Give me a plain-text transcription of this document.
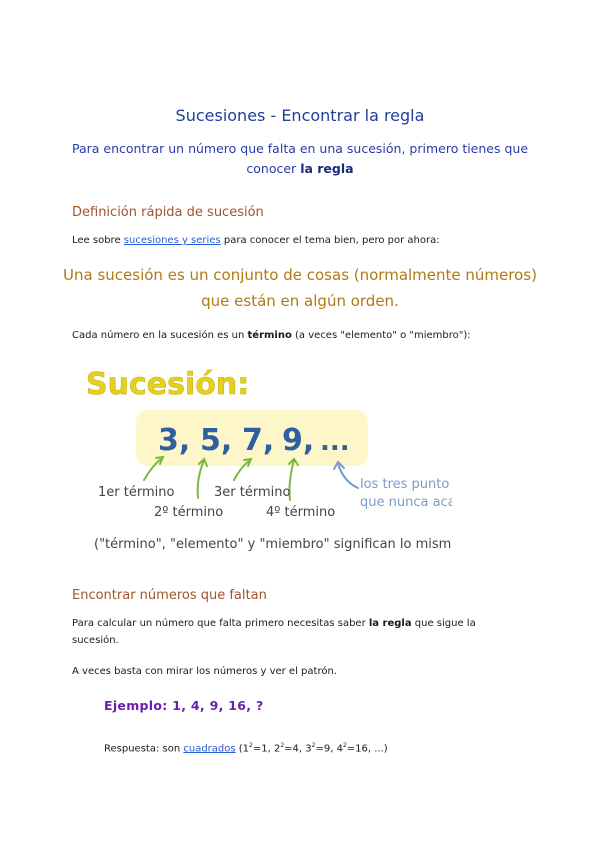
Sucesiones - Encontrar la regla
Para encontrar un número que falta en una sucesión, primero tienes que conocer la regla
Definición rápida de sucesión
Lee sobre sucesiones y series para conocer el tema bien, pero por ahora:
Una sucesión es un conjunto de cosas (normalmente números)
que están en algún orden.
Cada número en la sucesión es un término (a veces "elemento" o "miembro"):
Sucesión:
3, 5, 7, 9, ...
1er término
2º término
3er término
4º término
los tres punto
que nunca aca
("término", "elemento" y "miembro" significan lo mism
Encontrar números que faltan
Para calcular un número que falta primero necesitas saber la regla que sigue la
sucesión.
A veces basta con mirar los números y ver el patrón.
Ejemplo: 1, 4, 9, 16, ?
Respuesta: son cuadrados ($1^2=1$, $2^2=4$, $3^2=9$, $4^2=16$, ...)
